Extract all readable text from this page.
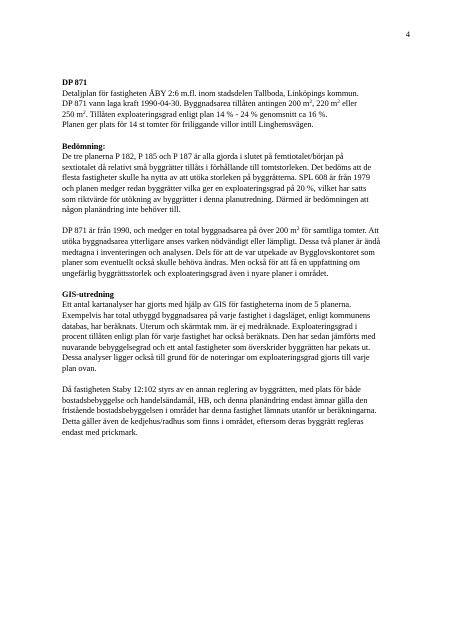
4

DP 871

Detaljplan för fastigheten ÅBY 2:6 m.fl. inom stadsdelen Tallboda, Linköpings kommun.

DP 871 vann laga kraft 1990-04-30. Byggnadsarea tillåten antingen 200 $m^2$, 220 $m^2$ eller

250 $m^2$. Tillåten exploateringsgrad enligt plan 14 % - 24 % genomsnitt ca 16 %.

Planen ger plats för 14 st tomter för friliggande villor intill Linghemsvägen.

Bedömning:

De tre planerna P 182, P 185 och P 187 är alla gjorda i slutet på femtiotalet/början på

sextiotalet då relativt små byggrätter tillåts i förhållande till tomtstorleken. Det bedöms att de

flesta fastigheter skulle ha nytta av att utöka storleken på byggrätterna. SPL 608 är från 1979

och planen medger redan byggrätter vilka ger en exploateringsgrad på 20 %, vilket har satts

som riktvärde för utökning av byggrätter i denna planutredning. Därmed är bedömningen att

någon planändring inte behöver till.

DP 871 är från 1990, och medger en total byggnadsarea på över 200 $m^2$ för samtliga tomter. Att

utöka byggnadsarea ytterligare anses varken nödvändigt eller lämpligt. Dessa två planer är ändå

medtagna i inventeringen och analysen. Dels för att de var utpekade av Bygglovskontoret som

planer som eventuellt också skulle behöva ändras. Men också för att få en uppfattning om

ungefärlig byggrättsstorlek och exploateringsgrad även i nyare planer i området.

GIS-utredning

Ett antal kartanalyser har gjorts med hjälp av GIS för fastigheterna inom de 5 planerna.

Exempelvis har total utbyggd byggnadsarea på varje fastighet i dagsläget, enligt kommunens

databas, har beräknats. Uterum och skärmtak mm. är ej medräknade. Exploateringsgrad i

procent tillåten enligt plan för varje fastighet har också beräknats. Den har sedan jämförts med

nuvarande bebyggelsegrad och ett antal fastigheter som överskrider byggrätten har pekats ut.

Dessa analyser ligger också till grund för de noteringar om exploateringsgrad gjorts till varje

plan ovan.

Då fastigheten Staby 12:102 styrs av en annan reglering av byggrätten, med plats för både

bostadsbebyggelse och handelsändamål, HB, och denna planändring endast ämnar gälla den

fristående bostadsbebyggelsen i området har denna fastighet lämnats utanför ur beräkningarna.

Detta gäller även de kedjehus/radhus som finns i området, eftersom deras byggrätt regleras

endast med prickmark.
